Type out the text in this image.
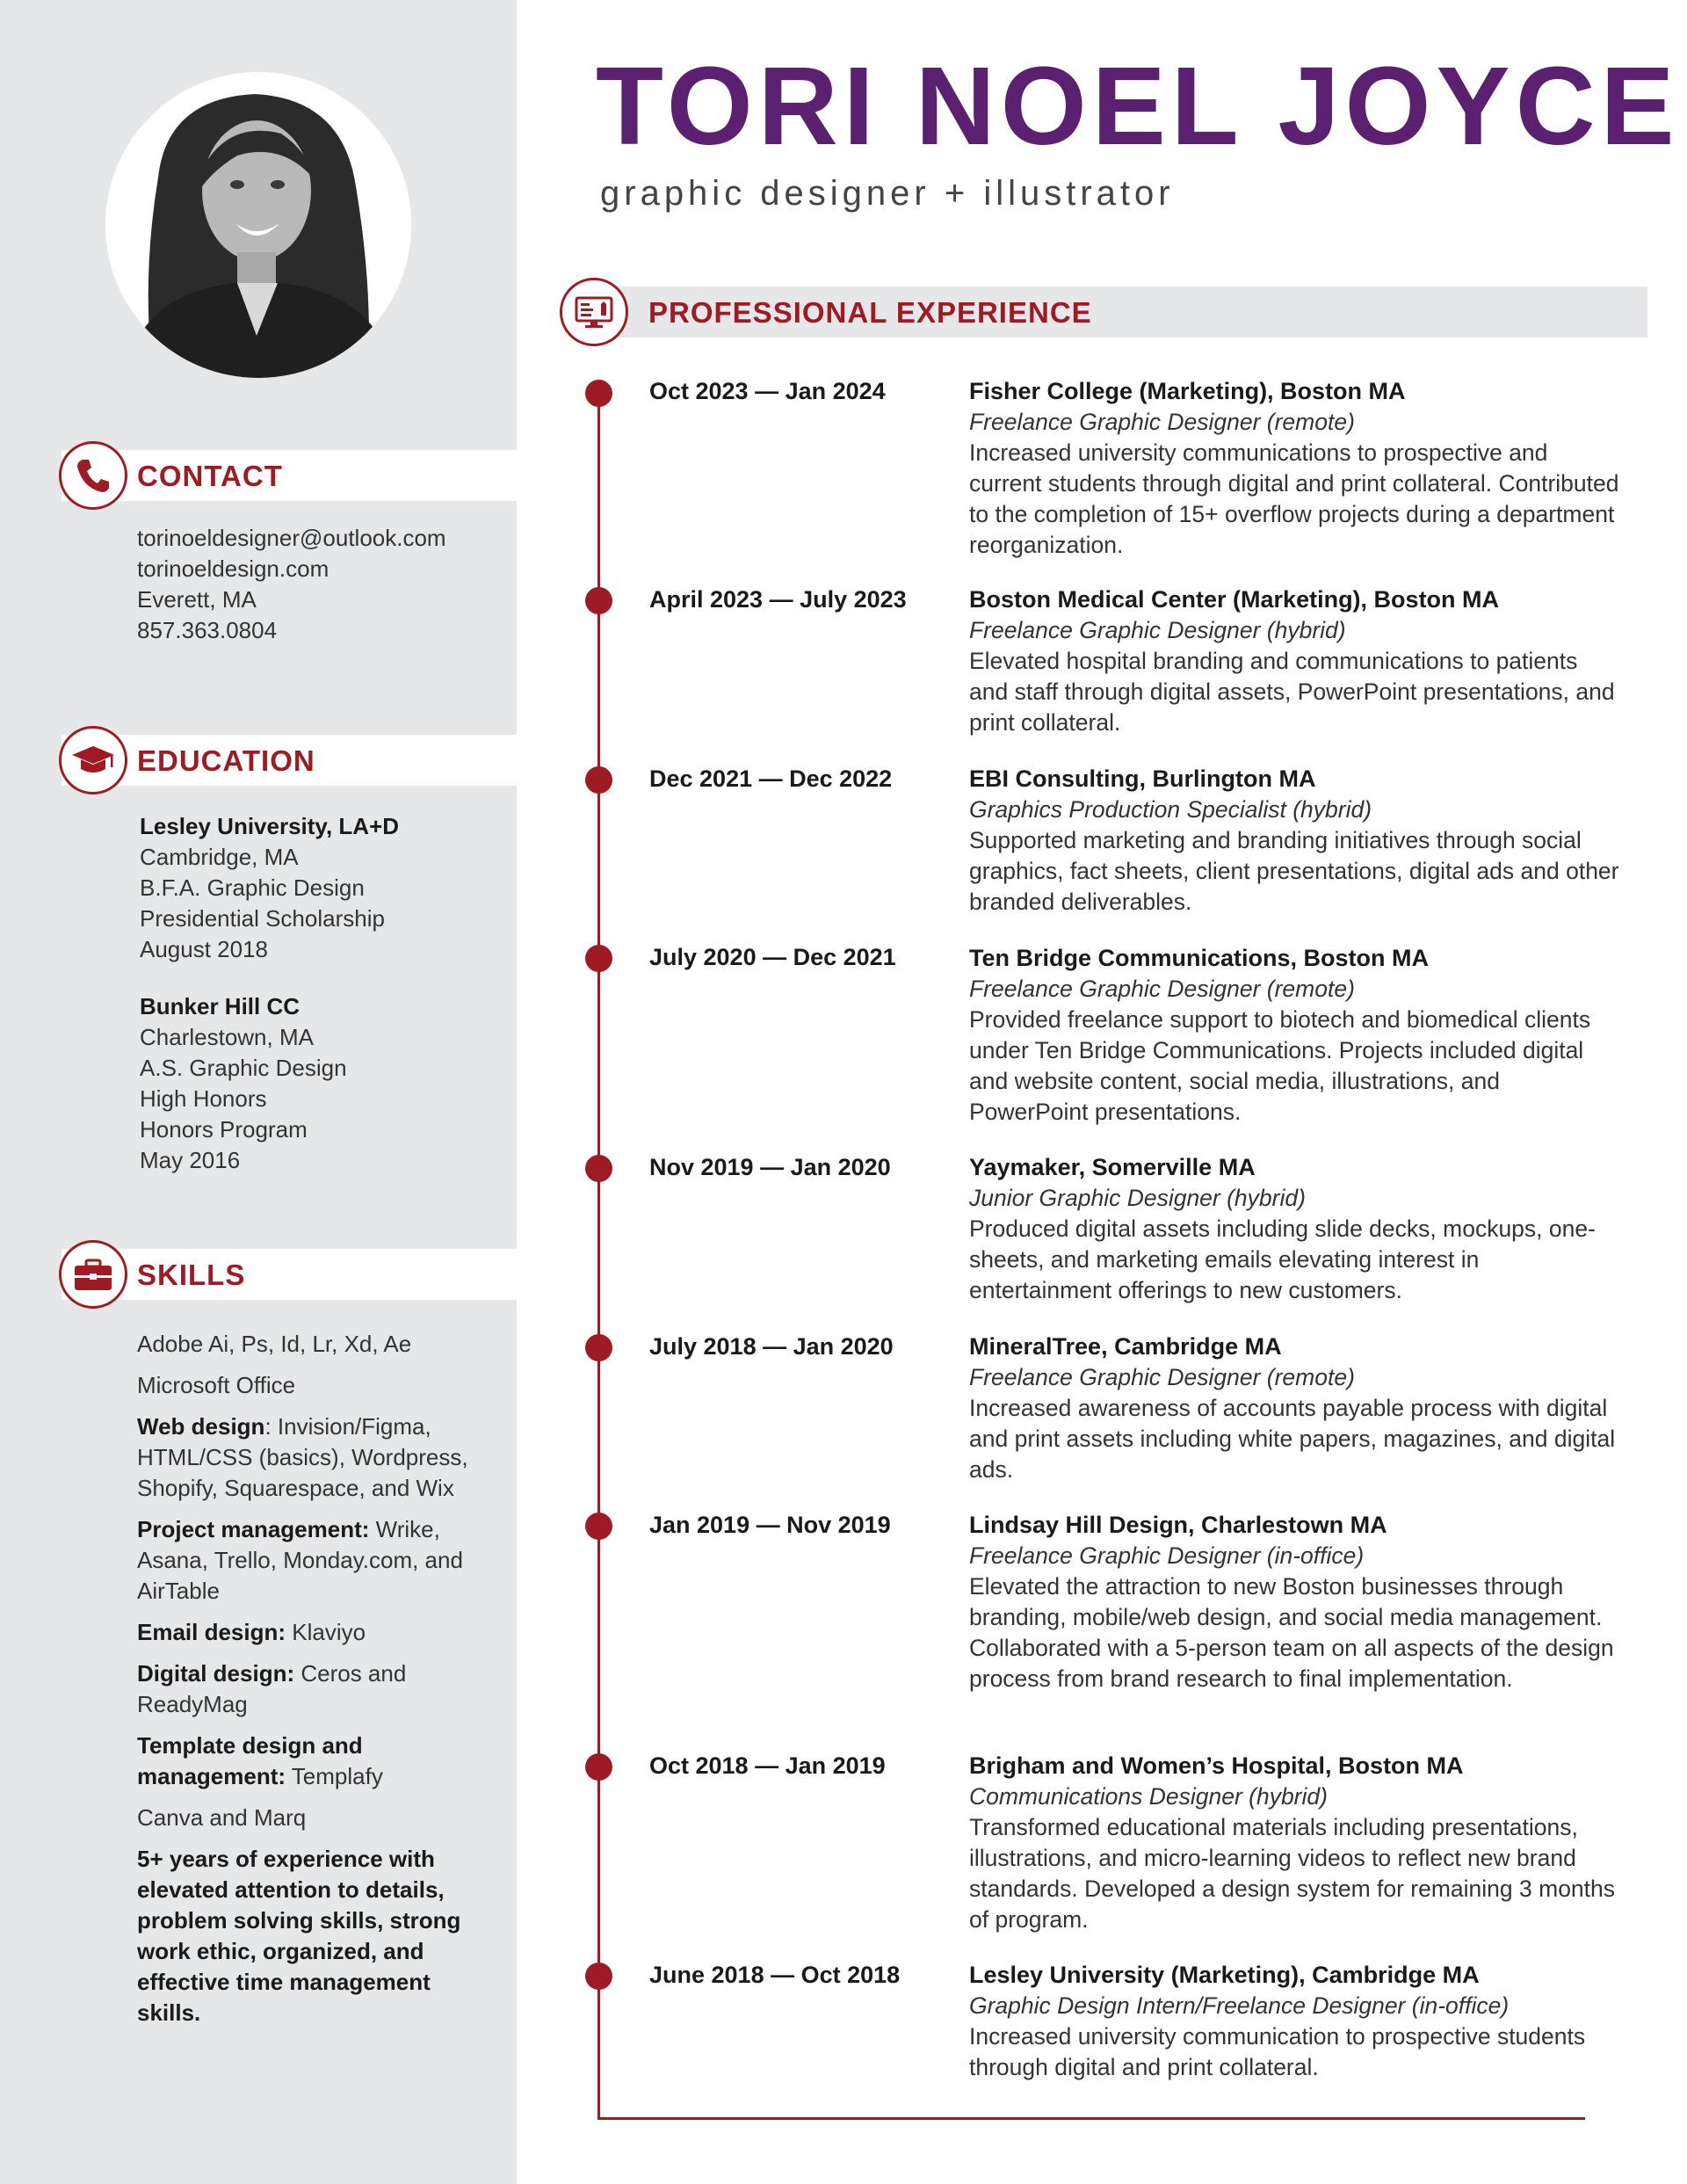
CONTACT
torinoeldesigner@outlook.com
torinoeldesign.com
Everett, MA
857.363.0804
EDUCATION
Lesley University, LA+D
Cambridge, MA
B.F.A. Graphic Design
Presidential Scholarship
August 2018
Bunker Hill CC
Charlestown, MA
A.S. Graphic Design
High Honors
Honors Program
May 2016
SKILLS
Adobe Ai, Ps, Id, Lr, Xd, Ae
Microsoft Office
Web design: Invision/Figma, HTML/CSS (basics), Wordpress, Shopify, Squarespace, and Wix
Project management: Wrike, Asana, Trello, Monday.com, and AirTable
Email design: Klaviyo
Digital design: Ceros and ReadyMag
Template design and management: Templafy
Canva and Marq
5+ years of experience with elevated attention to details, problem solving skills, strong work ethic, organized, and effective time management skills.
TORI NOEL JOYCE
graphic designer + illustrator
PROFESSIONAL EXPERIENCE
Oct 2023 — Jan 2024	Fisher College (Marketing), Boston MA
Freelance Graphic Designer (remote)
Increased university communications to prospective and current students through digital and print collateral. Contributed to the completion of 15+ overflow projects during a department reorganization.
April 2023 — July 2023	Boston Medical Center (Marketing), Boston MA
Freelance Graphic Designer (hybrid)
Elevated hospital branding and communications to patients and staff through digital assets, PowerPoint presentations, and print collateral.
Dec 2021 — Dec 2022	EBI Consulting, Burlington MA
Graphics Production Specialist (hybrid)
Supported marketing and branding initiatives through social graphics, fact sheets, client presentations, digital ads and other branded deliverables.
July 2020 — Dec 2021	Ten Bridge Communications, Boston MA
Freelance Graphic Designer (remote)
Provided freelance support to biotech and biomedical clients under Ten Bridge Communications. Projects included digital and website content, social media, illustrations, and PowerPoint presentations.
Nov 2019 — Jan 2020	Yaymaker, Somerville MA
Junior Graphic Designer (hybrid)
Produced digital assets including slide decks, mockups, one-sheets, and marketing emails elevating interest in entertainment offerings to new customers.
July 2018 — Jan 2020	MineralTree, Cambridge MA
Freelance Graphic Designer (remote)
Increased awareness of accounts payable process with digital and print assets including white papers, magazines, and digital ads.
Jan 2019 — Nov 2019	Lindsay Hill Design, Charlestown MA
Freelance Graphic Designer (in-office)
Elevated the attraction to new Boston businesses through branding, mobile/web design, and social media management. Collaborated with a 5-person team on all aspects of the design process from brand research to final implementation.
Oct 2018 — Jan 2019	Brigham and Women’s Hospital, Boston MA
Communications Designer (hybrid)
Transformed educational materials including presentations, illustrations, and micro-learning videos to reflect new brand standards. Developed a design system for remaining 3 months of program.
June 2018 — Oct 2018	Lesley University (Marketing), Cambridge MA
Graphic Design Intern/Freelance Designer (in-office)
Increased university communication to prospective students through digital and print collateral.
